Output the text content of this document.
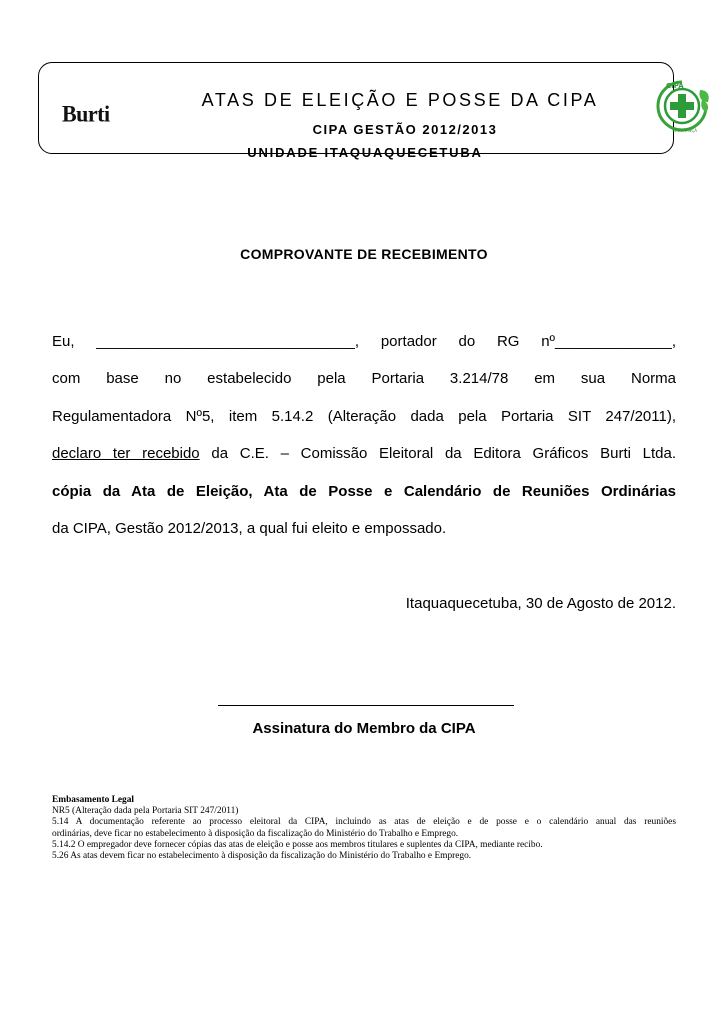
Burti
CIPA
SEGURANÇA
ATAS DE ELEIÇÃO E POSSE DA CIPA
CIPA GESTÃO 2012/2013
UNIDADE ITAQUAQUECETUBA
COMPROVANTE DE RECEBIMENTO

Eu, _______________________________, portador do RG nº______________,

com base no estabelecido pela Portaria 3.214/78 em sua Norma

Regulamentadora Nº5, item 5.14.2 (Alteração dada pela Portaria SIT 247/2011),

declaro ter recebido da C.E. – Comissão Eleitoral da Editora Gráficos Burti Ltda.

cópia da Ata de Eleição, Ata de Posse e Calendário de Reuniões Ordinárias

da CIPA, Gestão 2012/2013, a qual fui eleito e empossado.

Itaquaquecetuba, 30 de Agosto de 2012.
Assinatura do Membro da CIPA
Embasamento Legal
NR5 (Alteração dada pela Portaria SIT 247/2011)
5.14 A documentação referente ao processo eleitoral da CIPA, incluindo as atas de eleição e de posse e o calendário anual das reuniões
ordinárias, deve ficar no estabelecimento à disposição da fiscalização do Ministério do Trabalho e Emprego.
5.14.2 O empregador deve fornecer cópias das atas de eleição e posse aos membros titulares e suplentes da CIPA, mediante recibo.
5.26 As atas devem ficar no estabelecimento à disposição da fiscalização do Ministério do Trabalho e Emprego.
